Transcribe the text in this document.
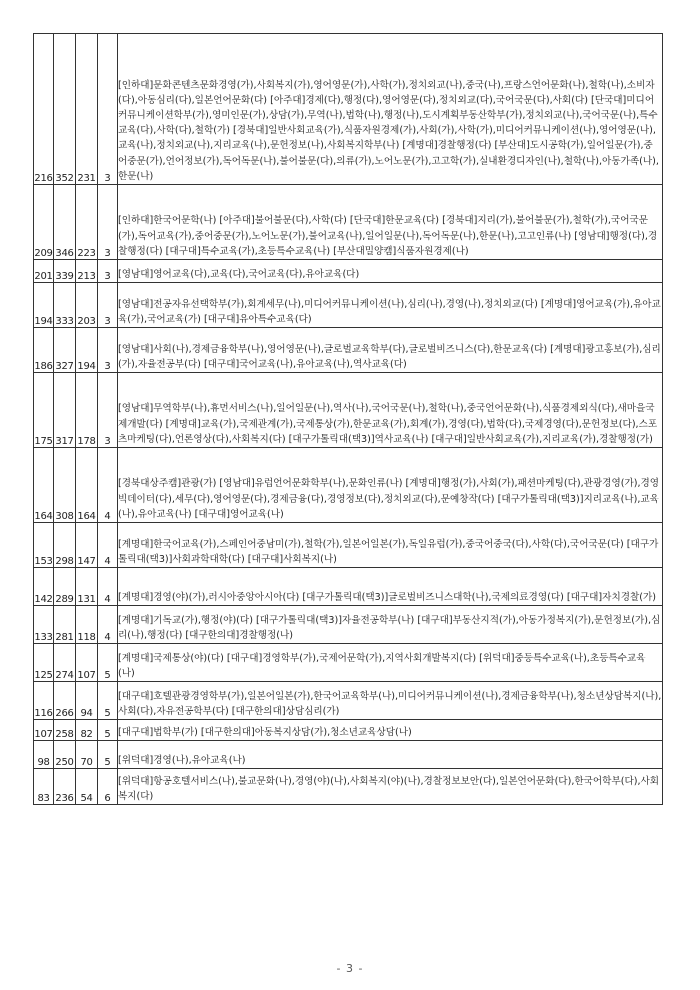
216	352	231	3	[인하대]문화콘텐츠문화경영(가),사회복지(가),영어영문(가),사학(가),정치외교(나),중국(나),프랑스언어문화(나),철학(나),소비자(다),아동심리(다),일본언어문화(다) [아주대]경제(다),행정(다),영어영문(다),정치외교(다),국어국문(다),사회(다) [단국대]미디어커뮤니케이션학부(가),영미인문(가),상담(가),무역(나),법학(나),행정(나),도시계획부동산학부(가),정치외교(나),국어국문(나),특수교육(다),사학(다),철학(가) [경북대]일반사회교육(가),식품자원경제(가),사회(가),사학(가),미디어커뮤니케이션(나),영어영문(나),교육(나),정치외교(나),지리교육(나),문헌정보(나),사회복지학부(나) [계명대]경찰행정(다) [부산대]도시공학(가),일어일문(가),중어중문(가),언어정보(가),독어독문(나),불어불문(다),의류(가),노어노문(가),고고학(가),실내환경디자인(나),철학(나),아동가족(나),한문(나)
209	346	223	3	[인하대]한국어문학(나) [아주대]불어불문(다),사학(다) [단국대]한문교육(다) [경북대]지리(가),불어불문(가),철학(가),국어국문(가),독어교육(가),중어중문(가),노어노문(가),불어교육(나),일어일문(나),독어독문(나),한문(나),고고인류(나) [영남대]행정(다),경찰행정(다) [대구대]특수교육(가),초등특수교육(나) [부산대밀양캠]식품자원경제(나)
201	339	213	3	[영남대]영어교육(다),교육(다),국어교육(다),유아교육(다)
194	333	203	3	[영남대]전공자유선택학부(가),회계세무(나),미디어커뮤니케이션(나),심리(나),경영(나),정치외교(다) [계명대]영어교육(가),유아교육(가),국어교육(가) [대구대]유아특수교육(다)
186	327	194	3	[영남대]사회(나),경제금융학부(나),영어영문(나),글로벌교육학부(다),글로벌비즈니스(다),한문교육(다) [계명대]광고홍보(가),심리(가),자율전공부(다) [대구대]국어교육(나),유아교육(나),역사교육(다)
175	317	178	3	[영남대]무역학부(나),휴먼서비스(나),일어일문(나),역사(나),국어국문(나),철학(나),중국언어문화(나),식품경제외식(다),새마을국제개발(다) [계명대]교육(가),국제관계(가),국제통상(가),한문교육(가),회계(가),경영(다),법학(다),국제경영(다),문헌정보(다),스포츠마케팅(다),언론영상(다),사회복지(다) [대구가톨릭대(택3)]역사교육(나) [대구대]일반사회교육(가),지리교육(가),경찰행정(가)
164	308	164	4	[경북대상주캠]관광(가) [영남대]유럽언어문화학부(나),문화인류(나) [계명대]행정(가),사회(가),패션마케팅(다),관광경영(가),경영빅데이터(다),세무(다),영어영문(다),경제금융(다),경영정보(다),정치외교(다),문예창작(다) [대구가톨릭대(택3)]지리교육(나),교육(나),유아교육(나) [대구대]영어교육(나)
153	298	147	4	[계명대]한국어교육(가),스페인어중남미(가),철학(가),일본어일본(가),독일유럽(가),중국어중국(다),사학(다),국어국문(다) [대구가톨릭대(택3)]사회과학대학(다) [대구대]사회복지(나)
142	289	131	4	[계명대]경영(야)(가),러시아중앙아시아(다) [대구가톨릭대(택3)]글로벌비즈니스대학(나),국제의료경영(다) [대구대]자치경찰(가)
133	281	118	4	[계명대]기독교(가),행정(야)(다) [대구가톨릭대(택3)]자율전공학부(나) [대구대]부동산지적(가),아동가정복지(가),문헌정보(가),심리(나),행정(다) [대구한의대]경찰행정(나)
125	274	107	5	[계명대]국제통상(야)(다) [대구대]경영학부(가),국제어문학(가),지역사회개발복지(다) [위덕대]중등특수교육(나),초등특수교육(나)
116	266	94	5	[대구대]호텔관광경영학부(가),일본어일본(가),한국어교육학부(나),미디어커뮤니케이션(나),경제금융학부(나),청소년상담복지(나),사회(다),자유전공학부(다) [대구한의대]상담심리(가)
107	258	82	5	[대구대]법학부(가) [대구한의대]아동복지상담(가),청소년교육상담(나)
98	250	70	5	[위덕대]경영(나),유아교육(나)
83	236	54	6	[위덕대]항공호텔서비스(나),불교문화(나),경영(야)(나),사회복지(야)(나),경찰정보보안(다),일본언어문화(다),한국어학부(다),사회복지(다)
- 3 -
